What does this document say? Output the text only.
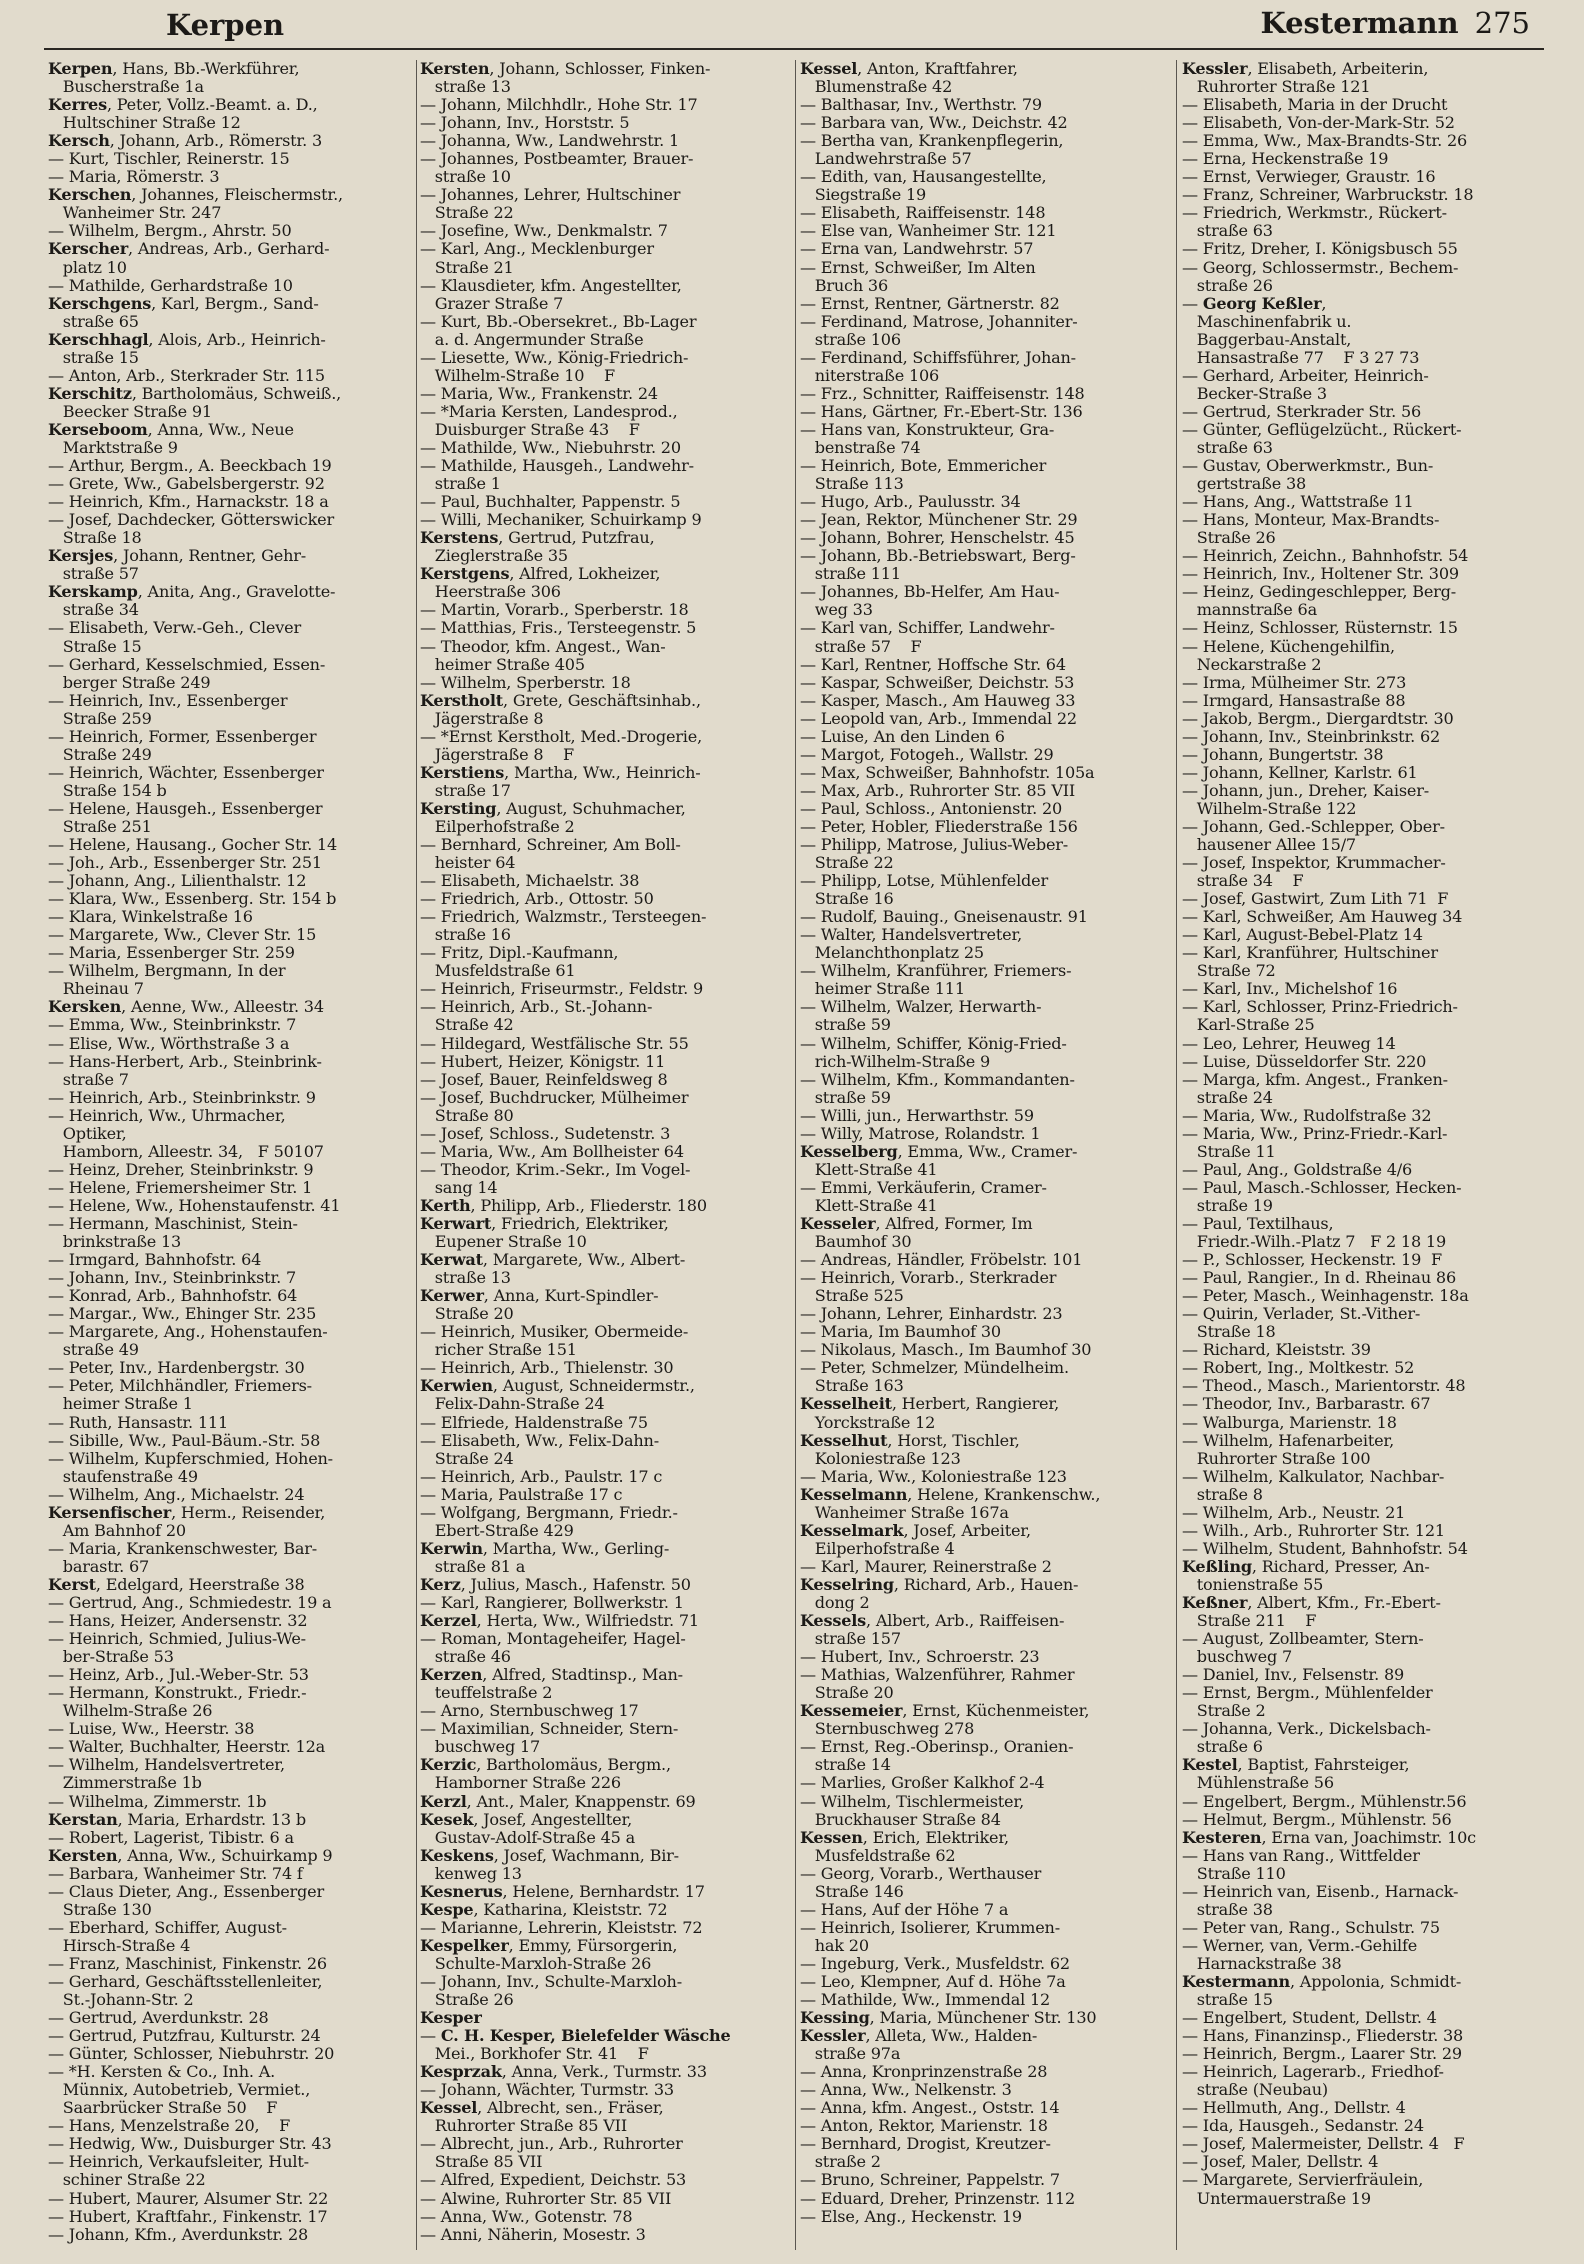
Kerpen	Kestermann 275
Kerpen, Hans, Bb.-Werkführer,
Buscherstraße 1a
Kerres, Peter, Vollz.-Beamt. a. D.,
Hultschiner Straße 12
Kersch, Johann, Arb., Römerstr. 3
— Kurt, Tischler, Reinerstr. 15
— Maria, Römerstr. 3
Kerschen, Johannes, Fleischermstr.,
Wanheimer Str. 247
— Wilhelm, Bergm., Ahrstr. 50
Kerscher, Andreas, Arb., Gerhard-
platz 10
— Mathilde, Gerhardstraße 10
Kerschgens, Karl, Bergm., Sand-
straße 65
Kerschhagl, Alois, Arb., Heinrich-
straße 15
— Anton, Arb., Sterkrader Str. 115
Kerschitz, Bartholomäus, Schweiß.,
Beecker Straße 91
Kerseboom, Anna, Ww., Neue
Marktstraße 9
— Arthur, Bergm., A. Beeckbach 19
— Grete, Ww., Gabelsbergerstr. 92
— Heinrich, Kfm., Harnackstr. 18 a
— Josef, Dachdecker, Götterswicker
Straße 18
Kersjes, Johann, Rentner, Gehr-
straße 57
Kerskamp, Anita, Ang., Gravelotte-
straße 34
— Elisabeth, Verw.-Geh., Clever
Straße 15
— Gerhard, Kesselschmied, Essen-
berger Straße 249
— Heinrich, Inv., Essenberger
Straße 259
— Heinrich, Former, Essenberger
Straße 249
— Heinrich, Wächter, Essenberger
Straße 154 b
— Helene, Hausgeh., Essenberger
Straße 251
— Helene, Hausang., Gocher Str. 14
— Joh., Arb., Essenberger Str. 251
— Johann, Ang., Lilienthalstr. 12
— Klara, Ww., Essenberg. Str. 154 b
— Klara, Winkelstraße 16
— Margarete, Ww., Clever Str. 15
— Maria, Essenberger Str. 259
— Wilhelm, Bergmann, In der
Rheinau 7
Kersken, Aenne, Ww., Alleestr. 34
— Emma, Ww., Steinbrinkstr. 7
— Elise, Ww., Wörthstraße 3 a
— Hans-Herbert, Arb., Steinbrink-
straße 7
— Heinrich, Arb., Steinbrinkstr. 9
— Heinrich, Ww., Uhrmacher,
Optiker,
Hamborn, Alleestr. 34,   F 50107
— Heinz, Dreher, Steinbrinkstr. 9
— Helene, Friemersheimer Str. 1
— Helene, Ww., Hohenstaufenstr. 41
— Hermann, Maschinist, Stein-
brinkstraße 13
— Irmgard, Bahnhofstr. 64
— Johann, Inv., Steinbrinkstr. 7
— Konrad, Arb., Bahnhofstr. 64
— Margar., Ww., Ehinger Str. 235
— Margarete, Ang., Hohenstaufen-
straße 49
— Peter, Inv., Hardenbergstr. 30
— Peter, Milchhändler, Friemers-
heimer Straße 1
— Ruth, Hansastr. 111
— Sibille, Ww., Paul-Bäum.-Str. 58
— Wilhelm, Kupferschmied, Hohen-
staufenstraße 49
— Wilhelm, Ang., Michaelstr. 24
Kersenfischer, Herm., Reisender,
Am Bahnhof 20
— Maria, Krankenschwester, Bar-
barastr. 67
Kerst, Edelgard, Heerstraße 38
— Gertrud, Ang., Schmiedestr. 19 a
— Hans, Heizer, Andersenstr. 32
— Heinrich, Schmied, Julius-We-
ber-Straße 53
— Heinz, Arb., Jul.-Weber-Str. 53
— Hermann, Konstrukt., Friedr.-
Wilhelm-Straße 26
— Luise, Ww., Heerstr. 38
— Walter, Buchhalter, Heerstr. 12a
— Wilhelm, Handelsvertreter,
Zimmerstraße 1b
— Wilhelma, Zimmerstr. 1b
Kerstan, Maria, Erhardstr. 13 b
— Robert, Lagerist, Tibistr. 6 a
Kersten, Anna, Ww., Schuirkamp 9
— Barbara, Wanheimer Str. 74 f
— Claus Dieter, Ang., Essenberger
Straße 130
— Eberhard, Schiffer, August-
Hirsch-Straße 4
— Franz, Maschinist, Finkenstr. 26
— Gerhard, Geschäftsstellenleiter,
St.-Johann-Str. 2
— Gertrud, Averdunkstr. 28
— Gertrud, Putzfrau, Kulturstr. 24
— Günter, Schlosser, Niebuhrstr. 20
— *H. Kersten & Co., Inh. A.
Münnix, Autobetrieb, Vermiet.,
Saarbrücker Straße 50    F
— Hans, Menzelstraße 20,    F
— Hedwig, Ww., Duisburger Str. 43
— Heinrich, Verkaufsleiter, Hult-
schiner Straße 22
— Hubert, Maurer, Alsumer Str. 22
— Hubert, Kraftfahr., Finkenstr. 17
— Johann, Kfm., Averdunkstr. 28
Kersten, Johann, Schlosser, Finken-
straße 13
— Johann, Milchhdlr., Hohe Str. 17
— Johann, Inv., Horststr. 5
— Johanna, Ww., Landwehrstr. 1
— Johannes, Postbeamter, Brauer-
straße 10
— Johannes, Lehrer, Hultschiner
Straße 22
— Josefine, Ww., Denkmalstr. 7
— Karl, Ang., Mecklenburger
Straße 21
— Klausdieter, kfm. Angestellter,
Grazer Straße 7
— Kurt, Bb.-Obersekret., Bb-Lager
a. d. Angermunder Straße
— Liesette, Ww., König-Friedrich-
Wilhelm-Straße 10    F
— Maria, Ww., Frankenstr. 24
— *Maria Kersten, Landesprod.,
Duisburger Straße 43    F
— Mathilde, Ww., Niebuhrstr. 20
— Mathilde, Hausgeh., Landwehr-
straße 1
— Paul, Buchhalter, Pappenstr. 5
— Willi, Mechaniker, Schuirkamp 9
Kerstens, Gertrud, Putzfrau,
Zieglerstraße 35
Kerstgens, Alfred, Lokheizer,
Heerstraße 306
— Martin, Vorarb., Sperberstr. 18
— Matthias, Fris., Tersteegenstr. 5
— Theodor, kfm. Angest., Wan-
heimer Straße 405
— Wilhelm, Sperberstr. 18
Kerstholt, Grete, Geschäftsinhab.,
Jägerstraße 8
— *Ernst Kerstholt, Med.-Drogerie,
Jägerstraße 8    F
Kerstiens, Martha, Ww., Heinrich-
straße 17
Kersting, August, Schuhmacher,
Eilperhofstraße 2
— Bernhard, Schreiner, Am Boll-
heister 64
— Elisabeth, Michaelstr. 38
— Friedrich, Arb., Ottostr. 50
— Friedrich, Walzmstr., Tersteegen-
straße 16
— Fritz, Dipl.-Kaufmann,
Musfeldstraße 61
— Heinrich, Friseurmstr., Feldstr. 9
— Heinrich, Arb., St.-Johann-
Straße 42
— Hildegard, Westfälische Str. 55
— Hubert, Heizer, Königstr. 11
— Josef, Bauer, Reinfeldsweg 8
— Josef, Buchdrucker, Mülheimer
Straße 80
— Josef, Schloss., Sudetenstr. 3
— Maria, Ww., Am Bollheister 64
— Theodor, Krim.-Sekr., Im Vogel-
sang 14
Kerth, Philipp, Arb., Fliederstr. 180
Kerwart, Friedrich, Elektriker,
Eupener Straße 10
Kerwat, Margarete, Ww., Albert-
straße 13
Kerwer, Anna, Kurt-Spindler-
Straße 20
— Heinrich, Musiker, Obermeide-
richer Straße 151
— Heinrich, Arb., Thielenstr. 30
Kerwien, August, Schneidermstr.,
Felix-Dahn-Straße 24
— Elfriede, Haldenstraße 75
— Elisabeth, Ww., Felix-Dahn-
Straße 24
— Heinrich, Arb., Paulstr. 17 c
— Maria, Paulstraße 17 c
— Wolfgang, Bergmann, Friedr.-
Ebert-Straße 429
Kerwin, Martha, Ww., Gerling-
straße 81 a
Kerz, Julius, Masch., Hafenstr. 50
— Karl, Rangierer, Bollwerkstr. 1
Kerzel, Herta, Ww., Wilfriedstr. 71
— Roman, Montageheifer, Hagel-
straße 46
Kerzen, Alfred, Stadtinsp., Man-
teuffelstraße 2
— Arno, Sternbuschweg 17
— Maximilian, Schneider, Stern-
buschweg 17
Kerzic, Bartholomäus, Bergm.,
Hamborner Straße 226
Kerzl, Ant., Maler, Knappenstr. 69
Kesek, Josef, Angestellter,
Gustav-Adolf-Straße 45 a
Keskens, Josef, Wachmann, Bir-
kenweg 13
Kesnerus, Helene, Bernhardstr. 17
Kespe, Katharina, Kleiststr. 72
— Marianne, Lehrerin, Kleiststr. 72
Kespelker, Emmy, Fürsorgerin,
Schulte-Marxloh-Straße 26
— Johann, Inv., Schulte-Marxloh-
Straße 26
Kesper
— C. H. Kesper, Bielefelder Wäsche
Mei., Borkhofer Str. 41    F
Kesprzak, Anna, Verk., Turmstr. 33
— Johann, Wächter, Turmstr. 33
Kessel, Albrecht, sen., Fräser,
Ruhrorter Straße 85 VII
— Albrecht, jun., Arb., Ruhrorter
Straße 85 VII
— Alfred, Expedient, Deichstr. 53
— Alwine, Ruhrorter Str. 85 VII
— Anna, Ww., Gotenstr. 78
— Anni, Näherin, Mosestr. 3
Kessel, Anton, Kraftfahrer,
Blumenstraße 42
— Balthasar, Inv., Werthstr. 79
— Barbara van, Ww., Deichstr. 42
— Bertha van, Krankenpflegerin,
Landwehrstraße 57
— Edith, van, Hausangestellte,
Siegstraße 19
— Elisabeth, Raiffeisenstr. 148
— Else van, Wanheimer Str. 121
— Erna van, Landwehrstr. 57
— Ernst, Schweißer, Im Alten
Bruch 36
— Ernst, Rentner, Gärtnerstr. 82
— Ferdinand, Matrose, Johanniter-
straße 106
— Ferdinand, Schiffsführer, Johan-
niterstraße 106
— Frz., Schnitter, Raiffeisenstr. 148
— Hans, Gärtner, Fr.-Ebert-Str. 136
— Hans van, Konstrukteur, Gra-
benstraße 74
— Heinrich, Bote, Emmericher
Straße 113
— Hugo, Arb., Paulusstr. 34
— Jean, Rektor, Münchener Str. 29
— Johann, Bohrer, Henschelstr. 45
— Johann, Bb.-Betriebswart, Berg-
straße 111
— Johannes, Bb-Helfer, Am Hau-
weg 33
— Karl van, Schiffer, Landwehr-
straße 57    F
— Karl, Rentner, Hoffsche Str. 64
— Kaspar, Schweißer, Deichstr. 53
— Kasper, Masch., Am Hauweg 33
— Leopold van, Arb., Immendal 22
— Luise, An den Linden 6
— Margot, Fotogeh., Wallstr. 29
— Max, Schweißer, Bahnhofstr. 105a
— Max, Arb., Ruhrorter Str. 85 VII
— Paul, Schloss., Antonienstr. 20
— Peter, Hobler, Fliederstraße 156
— Philipp, Matrose, Julius-Weber-
Straße 22
— Philipp, Lotse, Mühlenfelder
Straße 16
— Rudolf, Bauing., Gneisenaustr. 91
— Walter, Handelsvertreter,
Melanchthonplatz 25
— Wilhelm, Kranführer, Friemers-
heimer Straße 111
— Wilhelm, Walzer, Herwarth-
straße 59
— Wilhelm, Schiffer, König-Fried-
rich-Wilhelm-Straße 9
— Wilhelm, Kfm., Kommandanten-
straße 59
— Willi, jun., Herwarthstr. 59
— Willy, Matrose, Rolandstr. 1
Kesselberg, Emma, Ww., Cramer-
Klett-Straße 41
— Emmi, Verkäuferin, Cramer-
Klett-Straße 41
Kesseler, Alfred, Former, Im
Baumhof 30
— Andreas, Händler, Fröbelstr. 101
— Heinrich, Vorarb., Sterkrader
Straße 525
— Johann, Lehrer, Einhardstr. 23
— Maria, Im Baumhof 30
— Nikolaus, Masch., Im Baumhof 30
— Peter, Schmelzer, Mündelheim.
Straße 163
Kesselheit, Herbert, Rangierer,
Yorckstraße 12
Kesselhut, Horst, Tischler,
Koloniestraße 123
— Maria, Ww., Koloniestraße 123
Kesselmann, Helene, Krankenschw.,
Wanheimer Straße 167a
Kesselmark, Josef, Arbeiter,
Eilperhofstraße 4
— Karl, Maurer, Reinerstraße 2
Kesselring, Richard, Arb., Hauen-
dong 2
Kessels, Albert, Arb., Raiffeisen-
straße 157
— Hubert, Inv., Schroerstr. 23
— Mathias, Walzenführer, Rahmer
Straße 20
Kessemeier, Ernst, Küchenmeister,
Sternbuschweg 278
— Ernst, Reg.-Oberinsp., Oranien-
straße 14
— Marlies, Großer Kalkhof 2-4
— Wilhelm, Tischlermeister,
Bruckhauser Straße 84
Kessen, Erich, Elektriker,
Musfeldstraße 62
— Georg, Vorarb., Werthauser
Straße 146
— Hans, Auf der Höhe 7 a
— Heinrich, Isolierer, Krummen-
hak 20
— Ingeburg, Verk., Musfeldstr. 62
— Leo, Klempner, Auf d. Höhe 7a
— Mathilde, Ww., Immendal 12
Kessing, Maria, Münchener Str. 130
Kessler, Alleta, Ww., Halden-
straße 97a
— Anna, Kronprinzenstraße 28
— Anna, Ww., Nelkenstr. 3
— Anna, kfm. Angest., Oststr. 14
— Anton, Rektor, Marienstr. 18
— Bernhard, Drogist, Kreutzer-
straße 2
— Bruno, Schreiner, Pappelstr. 7
— Eduard, Dreher, Prinzenstr. 112
— Else, Ang., Heckenstr. 19
Kessler, Elisabeth, Arbeiterin,
Ruhrorter Straße 121
— Elisabeth, Maria in der Drucht
— Elisabeth, Von-der-Mark-Str. 52
— Emma, Ww., Max-Brandts-Str. 26
— Erna, Heckenstraße 19
— Ernst, Verwieger, Graustr. 16
— Franz, Schreiner, Warbruckstr. 18
— Friedrich, Werkmstr., Rückert-
straße 63
— Fritz, Dreher, I. Königsbusch 55
— Georg, Schlossermstr., Bechem-
straße 26
— Georg Keßler,
Maschinenfabrik u.
Baggerbau-Anstalt,
Hansastraße 77    F 3 27 73
— Gerhard, Arbeiter, Heinrich-
Becker-Straße 3
— Gertrud, Sterkrader Str. 56
— Günter, Geflügelzücht., Rückert-
straße 63
— Gustav, Oberwerkmstr., Bun-
gertstraße 38
— Hans, Ang., Wattstraße 11
— Hans, Monteur, Max-Brandts-
Straße 26
— Heinrich, Zeichn., Bahnhofstr. 54
— Heinrich, Inv., Holtener Str. 309
— Heinz, Gedingeschlepper, Berg-
mannstraße 6a
— Heinz, Schlosser, Rüsternstr. 15
— Helene, Küchengehilfin,
Neckarstraße 2
— Irma, Mülheimer Str. 273
— Irmgard, Hansastraße 88
— Jakob, Bergm., Diergardtstr. 30
— Johann, Inv., Steinbrinkstr. 62
— Johann, Bungertstr. 38
— Johann, Kellner, Karlstr. 61
— Johann, jun., Dreher, Kaiser-
Wilhelm-Straße 122
— Johann, Ged.-Schlepper, Ober-
hausener Allee 15/7
— Josef, Inspektor, Krummacher-
straße 34    F
— Josef, Gastwirt, Zum Lith 71  F
— Karl, Schweißer, Am Hauweg 34
— Karl, August-Bebel-Platz 14
— Karl, Kranführer, Hultschiner
Straße 72
— Karl, Inv., Michelshof 16
— Karl, Schlosser, Prinz-Friedrich-
Karl-Straße 25
— Leo, Lehrer, Heuweg 14
— Luise, Düsseldorfer Str. 220
— Marga, kfm. Angest., Franken-
straße 24
— Maria, Ww., Rudolfstraße 32
— Maria, Ww., Prinz-Friedr.-Karl-
Straße 11
— Paul, Ang., Goldstraße 4/6
— Paul, Masch.-Schlosser, Hecken-
straße 19
— Paul, Textilhaus,
Friedr.-Wilh.-Platz 7   F 2 18 19
— P., Schlosser, Heckenstr. 19  F
— Paul, Rangier., In d. Rheinau 86
— Peter, Masch., Weinhagenstr. 18a
— Quirin, Verlader, St.-Vither-
Straße 18
— Richard, Kleiststr. 39
— Robert, Ing., Moltkestr. 52
— Theod., Masch., Marientorstr. 48
— Theodor, Inv., Barbarastr. 67
— Walburga, Marienstr. 18
— Wilhelm, Hafenarbeiter,
Ruhrorter Straße 100
— Wilhelm, Kalkulator, Nachbar-
straße 8
— Wilhelm, Arb., Neustr. 21
— Wilh., Arb., Ruhrorter Str. 121
— Wilhelm, Student, Bahnhofstr. 54
Keßling, Richard, Presser, An-
tonienstraße 55
Keßner, Albert, Kfm., Fr.-Ebert-
Straße 211    F
— August, Zollbeamter, Stern-
buschweg 7
— Daniel, Inv., Felsenstr. 89
— Ernst, Bergm., Mühlenfelder
Straße 2
— Johanna, Verk., Dickelsbach-
straße 6
Kestel, Baptist, Fahrsteiger,
Mühlenstraße 56
— Engelbert, Bergm., Mühlenstr.56
— Helmut, Bergm., Mühlenstr. 56
Kesteren, Erna van, Joachimstr. 10c
— Hans van Rang., Wittfelder
Straße 110
— Heinrich van, Eisenb., Harnack-
straße 38
— Peter van, Rang., Schulstr. 75
— Werner, van, Verm.-Gehilfe
Harnackstraße 38
Kestermann, Appolonia, Schmidt-
straße 15
— Engelbert, Student, Dellstr. 4
— Hans, Finanzinsp., Fliederstr. 38
— Heinrich, Bergm., Laarer Str. 29
— Heinrich, Lagerarb., Friedhof-
straße (Neubau)
— Hellmuth, Ang., Dellstr. 4
— Ida, Hausgeh., Sedanstr. 24
— Josef, Malermeister, Dellstr. 4   F
— Josef, Maler, Dellstr. 4
— Margarete, Servierfräulein,
Untermauerstraße 19
